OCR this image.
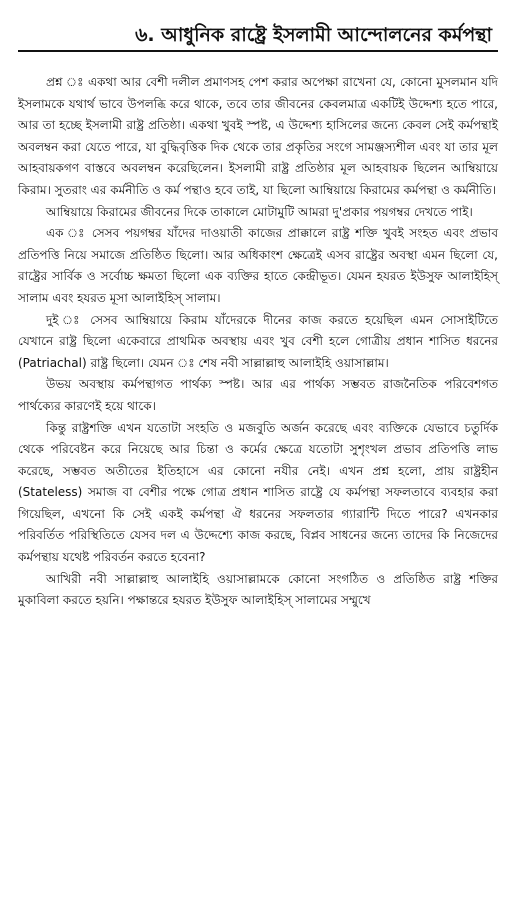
৬. আধুনিক রাষ্ট্রে ইসলামী আন্দোলনের কর্মপন্থা

প্রশ্ন ঃ একথা আর বেশী দলীল প্রমাণসহ পেশ করার অপেক্ষা রাখেনা যে, কোনো মুসলমান যদি ইসলামকে যথার্থ ভাবে উপলব্ধি করে থাকে, তবে তার জীবনের কেবলমাত্র একটিই উদ্দেশ্য হতে পারে, আর তা হচ্ছে ইসলামী রাষ্ট্র প্রতিষ্ঠা। একথা খুবই স্পষ্ট, এ উদ্দেশ্য হাসিলের জন্যে কেবল সেই কর্মপন্থাই অবলম্বন করা যেতে পারে, যা বুদ্ধিবৃত্তিক দিক থেকে তার প্রকৃতির সংগে সামঞ্জস্যশীল এবং যা তার মূল আহবায়কগণ বাস্তবে অবলম্বন করেছিলেন। ইসলামী রাষ্ট্র প্রতিষ্ঠার মূল আহবায়ক ছিলেন আম্বিয়ায়ে কিরাম। সুতরাং এর কর্মনীতি ও কর্ম পন্থাও হবে তাই, যা ছিলো আম্বিয়ায়ে কিরামের কর্মপন্থা ও কর্মনীতি।

আম্বিয়ায়ে কিরামের জীবনের দিকে তাকালে মোটামুটি আমরা দু'প্রকার পয়গম্বর দেখতে পাই।

এক ঃ সেসব পয়গম্বর যাঁদের দাওয়াতী কাজের প্রাক্কালে রাষ্ট্র শক্তি খুবই সংহত এবং প্রভাব প্রতিপত্তি নিয়ে সমাজে প্রতিষ্ঠিত ছিলো। আর অধিকাংশ ক্ষেত্রেই এসব রাষ্ট্রের অবস্থা এমন ছিলো যে, রাষ্ট্রের সার্বিক ও সর্বোচ্চ ক্ষমতা ছিলো এক ব্যক্তির হাতে কেন্দ্রীভূত। যেমন হযরত ইউসুফ আলাইহিস্ সালাম এবং হযরত মূসা আলাইহিস্ সালাম।

দুই ঃ সেসব আম্বিয়ায়ে কিরাম যাঁদেরকে দীনের কাজ করতে হয়েছিল এমন সোসাইটিতে যেখানে রাষ্ট্র ছিলো একেবারে প্রাথমিক অবস্থায় এবং খুব বেশী হলে গোত্রীয় প্রধান শাসিত ধরনের (Patriachal) রাষ্ট্র ছিলো। যেমন ঃ শেষ নবী সাল্লাল্লাহু আলাইহি ওয়াসাল্লাম।

উভয় অবস্থায় কর্মপন্থাগত পার্থক্য স্পষ্ট। আর এর পার্থক্য সম্ভবত রাজনৈতিক পরিবেশগত পার্থক্যের কারণেই হয়ে থাকে।

কিন্তু রাষ্ট্রশক্তি এখন যতোটা সংহতি ও মজবুতি অর্জন করেছে এবং ব্যক্তিকে যেভাবে চতুর্দিক থেকে পরিবেষ্টন করে নিয়েছে আর চিন্তা ও কর্মের ক্ষেত্রে যতোটা সুশৃংখল প্রভাব প্রতিপত্তি লাভ করেছে, সম্ভবত অতীতের ইতিহাসে এর কোনো নযীর নেই। এখন প্রশ্ন হলো, প্রায় রাষ্ট্রহীন (Stateless) সমাজ বা বেশীর পক্ষে গোত্র প্রধান শাসিত রাষ্ট্রে যে কর্মপন্থা সফলতাবে ব্যবহার করা গিয়েছিল, এখনো কি সেই একই কর্মপন্থা ঐ ধরনের সফলতার গ্যারান্টি দিতে পারে? এখনকার পরিবর্তিত পরিস্থিতিতে যেসব দল এ উদ্দেশ্যে কাজ করছে, বিপ্লব সাধনের জন্যে তাদের কি নিজেদের কর্মপন্থায় যথেষ্ট পরিবর্তন করতে হবেনা?

আখিরী নবী সাল্লাল্লাহু আলাইহি ওয়াসাল্লামকে কোনো সংগঠিত ও প্রতিষ্ঠিত রাষ্ট্র শক্তির মুকাবিলা করতে হয়নি। পক্ষান্তরে হযরত ইউসুফ আলাইহিস্ সালামের সম্মুখে
